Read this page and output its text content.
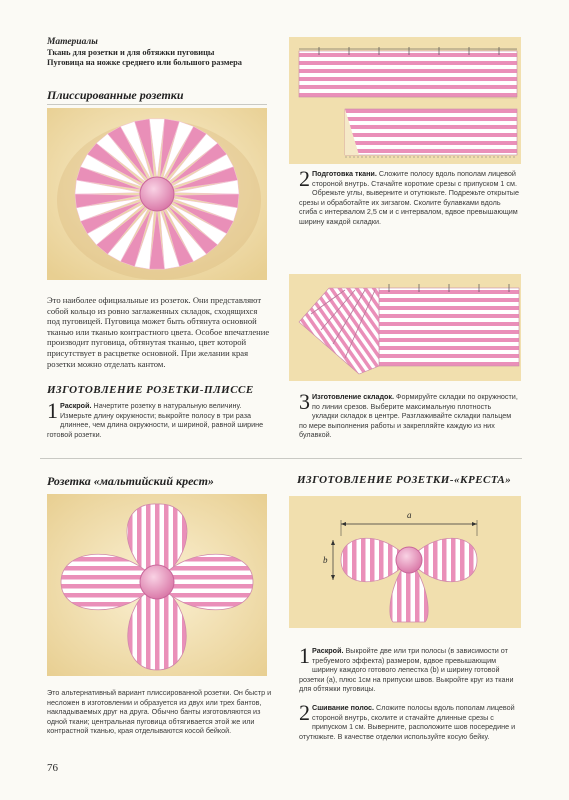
Материалы
Ткань для розетки и для обтяжки пуговицы
Пуговица на ножке среднего или большого размера
Плиссированные розетки
Это наиболее официальные из розеток. Они представляют собой кольцо из ровно заглаженных складок, сходящихся под пуговицей. Пуговица может быть обтянута основной тканью или тканью контрастного цвета. Особое впечатление производит пуговица, обтянутая тканью, цвет которой присутствует в расцветке основной. При желании края розетки можно отделать кантом.
ИЗГОТОВЛЕНИЕ РОЗЕТКИ-ПЛИССЕ
1 Раскрой. Начертите розетку в натуральную величину. Измерьте длину окружности; выкройте полосу в три раза длиннее, чем длина окружности, и шириной, равной ширине готовой розетки.
2 Подготовка ткани. Сложите полосу вдоль пополам лицевой стороной внутрь. Стачайте короткие срезы с припуском 1 см. Обрежьте углы, выверните и отутюжьте. Подрежьте открытые срезы и обработайте их зигзагом. Сколите булавками вдоль сгиба с интервалом 2,5 см и с интервалом, вдвое превышающим ширину каждой складки.
3 Изготовление складок. Формируйте складки по окружности, по линии срезов. Выберите максимальную плотность укладки складок в центре. Разглаживайте складки пальцем по мере выполнения работы и закрепляйте каждую из них булавкой.
Розетка «мальтийский крест»
Это альтернативный вариант плиссированной розетки. Он быстр и несложен в изготовлении и образуется из двух или трех бантов, накладываемых друг на друга. Обычно банты изготовляются из одной ткани; центральная пуговица обтягивается этой же или контрастной тканью, края отделываются косой бейкой.
ИЗГОТОВЛЕНИЕ РОЗЕТКИ-«КРЕСТА»
a
b
1 Раскрой. Выкройте две или три полосы (в зависимости от требуемого эффекта) размером, вдвое превышающим ширину каждого готового лепестка (b) и ширину готовой розетки (a), плюс 1см на припуски швов. Выкройте круг из ткани для обтяжки пуговицы.
2 Сшивание полос. Сложите полосы вдоль пополам лицевой стороной внутрь, сколите и стачайте длинные срезы с припуском 1 см. Выверните, расположите шов посередине и отутюжьте. В качестве отделки используйте косую бейку.
76
